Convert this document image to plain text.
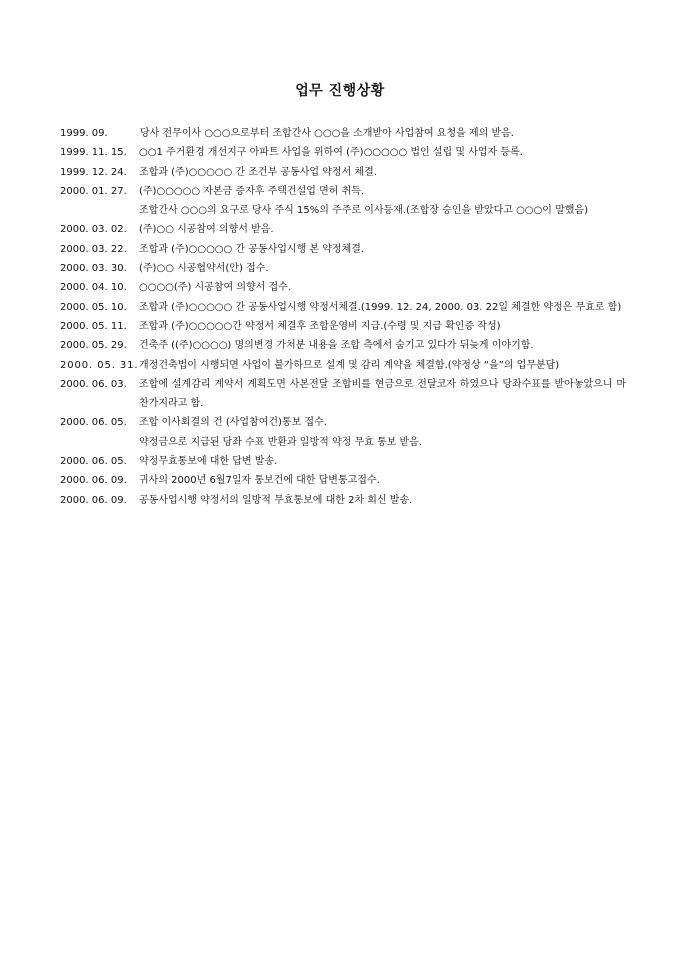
업무 진행상황
1999. 09.	당사 전무이사 ○○○으로부터 조합간사 ○○○을 소개받아 사업참여 요청을 제의 받음.
1999. 11. 15.	○○1 주거환경 개선지구 아파트 사업을 위하여 (주)○○○○○ 법인 설립 및 사업자 등록.
1999. 12. 24.	조합과 (주)○○○○○ 간 조건부 공동사업 약정서 체결.
2000. 01. 27.	(주)○○○○○ 자본금 증자후 주택건설업 면허 취득.
조합간사 ○○○의 요구로 당사 주식 15%의 주주로 이사등재.(조합장 승인을 받았다고 ○○○이 말했음)
2000. 03. 02.	(주)○○ 시공참여 의향서 받음.
2000. 03. 22.	조합과 (주)○○○○○ 간 공동사업시행 본 약정체결.
2000. 03. 30.	(주)○○ 시공협약서(안) 접수.
2000. 04. 10.	○○○○(주) 시공참여 의향서 접수.
2000. 05. 10.	조합과 (주)○○○○○ 간 공동사업시행 약정서체결.(1999. 12. 24, 2000. 03. 22일 체결한 약정은 무효로 함)
2000. 05. 11.	조합과 (주)○○○○○간 약정서 체결후 조합운영비 지급.(수령 및 지급 확인증 작성)
2000. 05. 29.	건축주 ((주)○○○○) 명의변경 가처분 내용을 조합 측에서 숨기고 있다가 뒤늦게 이야기함.
2000. 05. 31. 개정건축법이 시행되면 사업이 불가하므로 설계 및 감리 계약을 체결함.(약정상 “을”의 업무분담)
2000. 06. 03.	조합에 설계감리 계약서 계획도면 사본전달 조합비를 현금으로 전달코자 하였으나 당좌수표를 받아놓았으니 마찬가지라고 함.
2000. 06. 05.	조합 이사회결의 건 (사업참여건)통보 접수.
약정금으로 지급된 당좌 수표 반환과 일방적 약정 무효 통보 받음.
2000. 06. 05.	약정무효통보에 대한 답변 발송.
2000. 06. 09.	귀사의 2000년 6월7일자 통보건에 대한 답변통고접수.
2000. 06. 09.	공동사업시행 약정서의 일방적 무효통보에 대한 2차 회신 발송.
